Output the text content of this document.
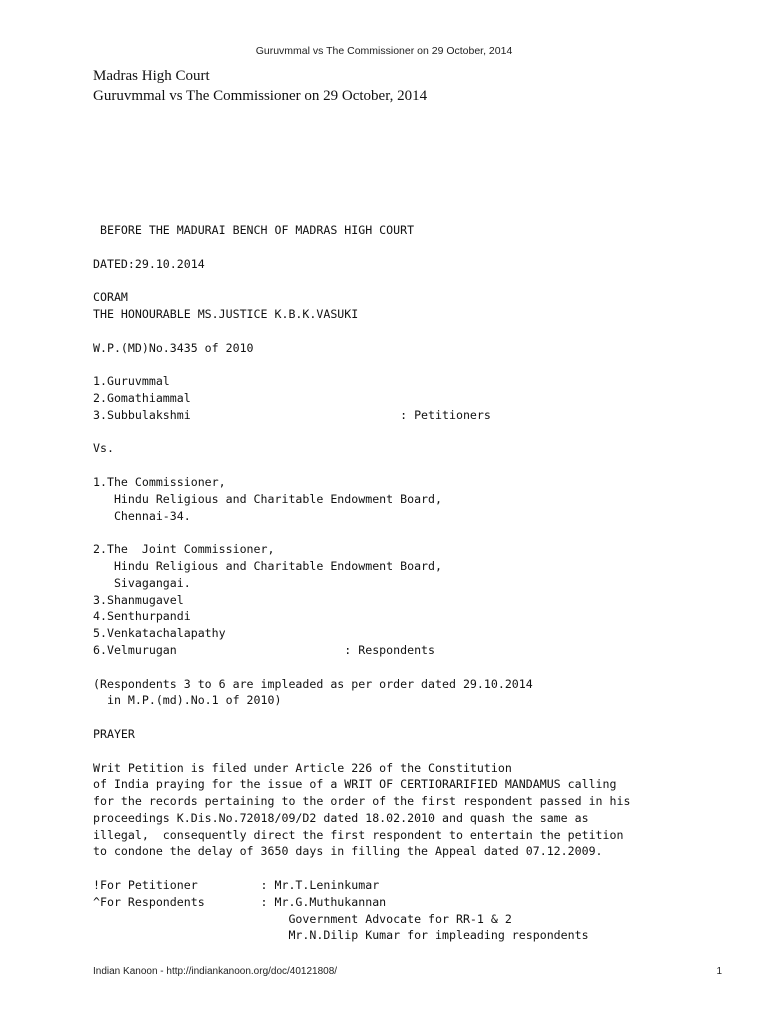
Guruvmmal vs The Commissioner on 29 October, 2014
Madras High Court
Guruvmmal vs The Commissioner on 29 October, 2014
BEFORE THE MADURAI BENCH OF MADRAS HIGH COURT

DATED:29.10.2014

CORAM
THE HONOURABLE MS.JUSTICE K.B.K.VASUKI

W.P.(MD)No.3435 of 2010

1.Guruvmmal
2.Gomathiammal
3.Subbulakshmi                              : Petitioners

Vs.

1.The Commissioner,
Hindu Religious and Charitable Endowment Board,
Chennai-34.

2.The  Joint Commissioner,
Hindu Religious and Charitable Endowment Board,
Sivagangai.
3.Shanmugavel
4.Senthurpandi
5.Venkatachalapathy
6.Velmurugan                        : Respondents

(Respondents 3 to 6 are impleaded as per order dated 29.10.2014
in M.P.(md).No.1 of 2010)

PRAYER

Writ Petition is filed under Article 226 of the Constitution
of India praying for the issue of a WRIT OF CERTIORARIFIED MANDAMUS calling
for the records pertaining to the order of the first respondent passed in his
proceedings K.Dis.No.72018/09/D2 dated 18.02.2010 and quash the same as
illegal,  consequently direct the first respondent to entertain the petition
to condone the delay of 3650 days in filling the Appeal dated 07.12.2009.

!For Petitioner         : Mr.T.Leninkumar
^For Respondents        : Mr.G.Muthukannan
Government Advocate for RR-1 & 2
Mr.N.Dilip Kumar for impleading respondents

Indian Kanoon - http://indiankanoon.org/doc/40121808/	1
